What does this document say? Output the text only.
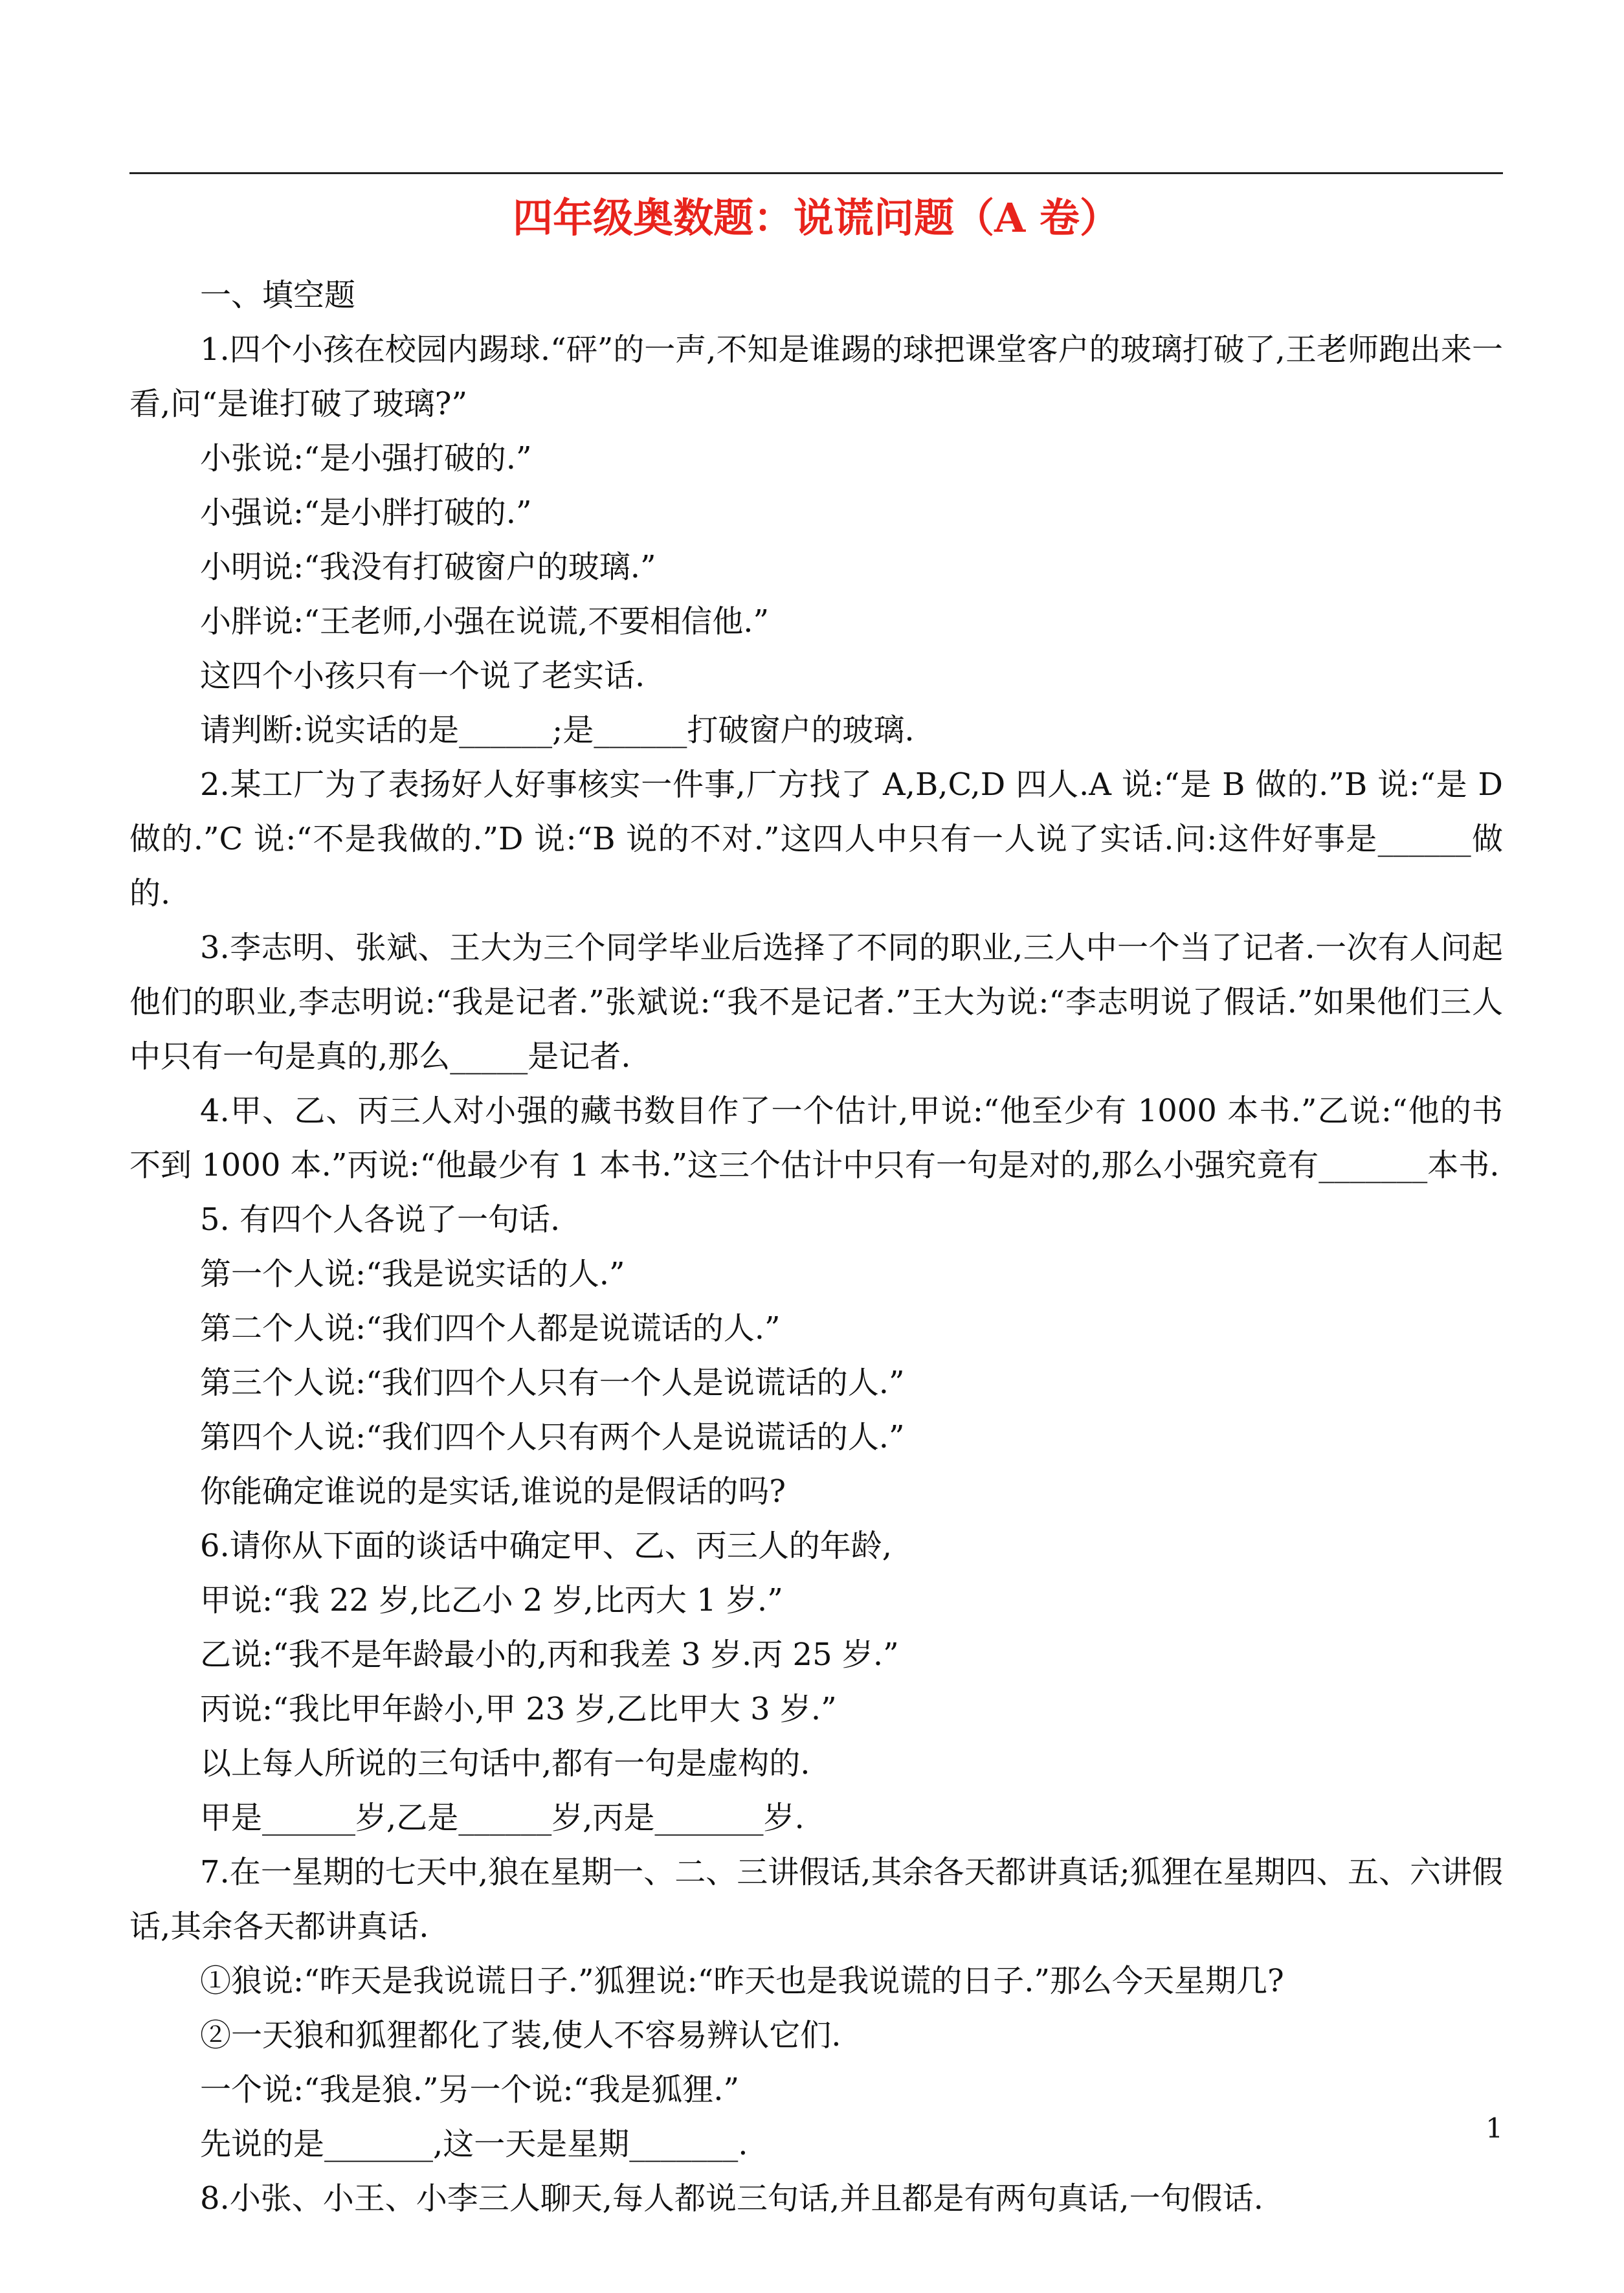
四年级奥数题：说谎问题（A 卷）

一、填空题

1.四个小孩在校园内踢球.“砰”的一声,不知是谁踢的球把课堂客户的玻璃打破了,王老师跑出来一看,问“是谁打破了玻璃?”

小张说:“是小强打破的.”

小强说:“是小胖打破的.”

小明说:“我没有打破窗户的玻璃.”

小胖说:“王老师,小强在说谎,不要相信他.”

这四个小孩只有一个说了老实话.

请判断:说实话的是______;是______打破窗户的玻璃.

2.某工厂为了表扬好人好事核实一件事,厂方找了 A,B,C,D 四人.A 说:“是 B 做的.”B 说:“是 D 做的.”C 说:“不是我做的.”D 说:“B 说的不对.”这四人中只有一人说了实话.问:这件好事是______做的.

3.李志明、张斌、王大为三个同学毕业后选择了不同的职业,三人中一个当了记者.一次有人问起他们的职业,李志明说:“我是记者.”张斌说:“我不是记者.”王大为说:“李志明说了假话.”如果他们三人中只有一句是真的,那么_____是记者.

4.甲、乙、丙三人对小强的藏书数目作了一个估计,甲说:“他至少有 1000 本书.”乙说:“他的书不到 1000 本.”丙说:“他最少有 1 本书.”这三个估计中只有一句是对的,那么小强究竟有_______本书.

5. 有四个人各说了一句话.

第一个人说:“我是说实话的人.”

第二个人说:“我们四个人都是说谎话的人.”

第三个人说:“我们四个人只有一个人是说谎话的人.”

第四个人说:“我们四个人只有两个人是说谎话的人.”

你能确定谁说的是实话,谁说的是假话的吗?

6.请你从下面的谈话中确定甲、乙、丙三人的年龄,

甲说:“我 22 岁,比乙小 2 岁,比丙大 1 岁.”

乙说:“我不是年龄最小的,丙和我差 3 岁.丙 25 岁.”

丙说:“我比甲年龄小,甲 23 岁,乙比甲大 3 岁.”

以上每人所说的三句话中,都有一句是虚构的.

甲是______岁,乙是______岁,丙是_______岁.

7.在一星期的七天中,狼在星期一、二、三讲假话,其余各天都讲真话;狐狸在星期四、五、六讲假话,其余各天都讲真话.

①狼说:“昨天是我说谎日子.”狐狸说:“昨天也是我说谎的日子.”那么今天星期几?

②一天狼和狐狸都化了装,使人不容易辨认它们.

一个说:“我是狼.”另一个说:“我是狐狸.”

先说的是_______,这一天是星期_______.

8.小张、小王、小李三人聊天,每人都说三句话,并且都是有两句真话,一句假话.

1
